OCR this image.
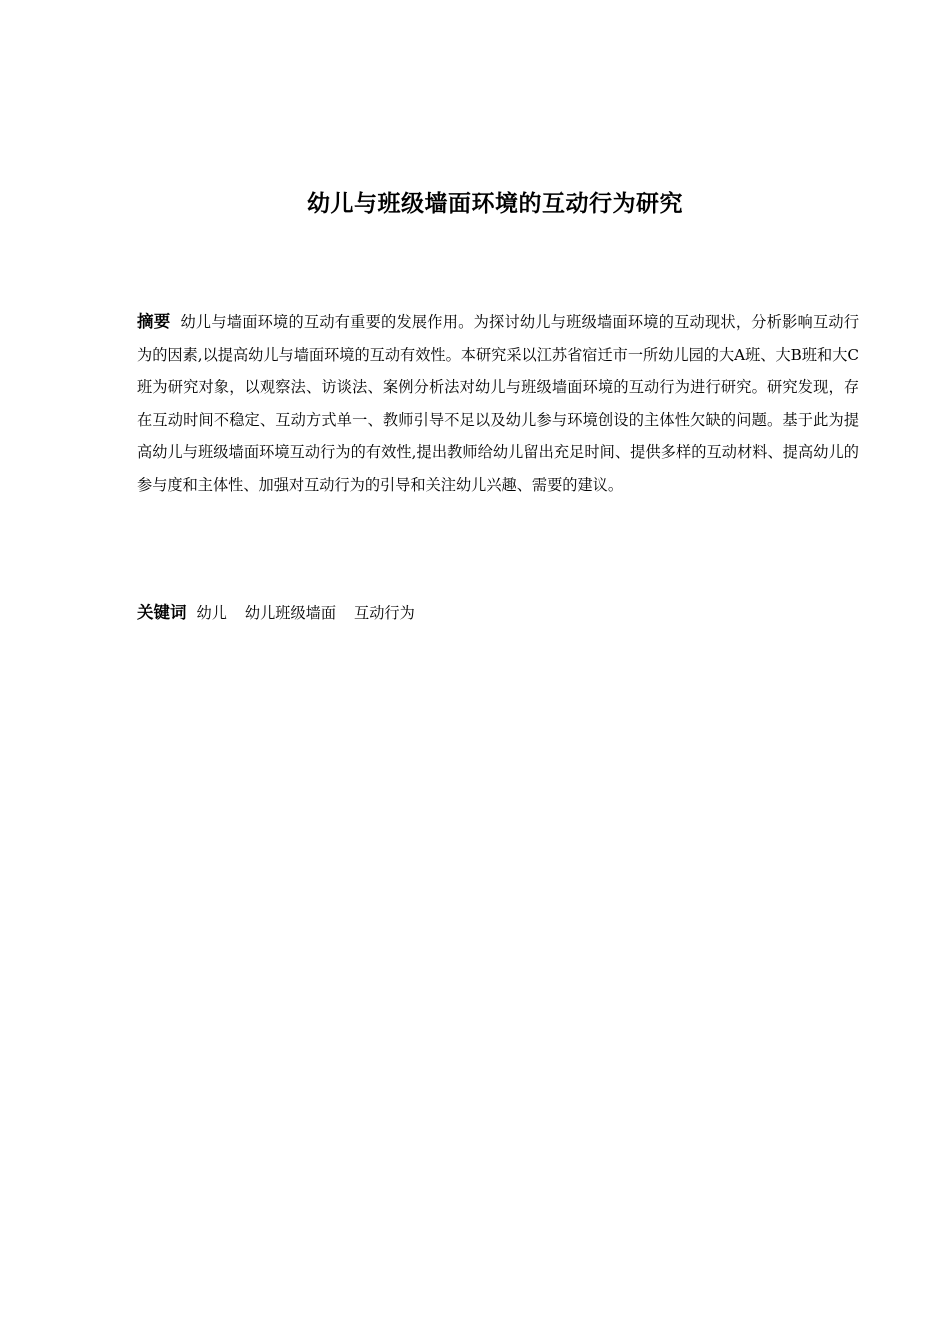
幼儿与班级墙面环境的互动行为研究

摘要 幼儿与墙面环境的互动有重要的发展作用。为探讨幼儿与班级墙面环境的互动现状，分析影响互动行为的因素,以提高幼儿与墙面环境的互动有效性。本研究采以江苏省宿迁市一所幼儿园的大A班、大B班和大C班为研究对象，以观察法、访谈法、案例分析法对幼儿与班级墙面环境的互动行为进行研究。研究发现，存在互动时间不稳定、互动方式单一、教师引导不足以及幼儿参与环境创设的主体性欠缺的问题。基于此为提高幼儿与班级墙面环境互动行为的有效性,提出教师给幼儿留出充足时间、提供多样的互动材料、提高幼儿的参与度和主体性、加强对互动行为的引导和关注幼儿兴趣、需要的建议。

关键词 幼儿 幼儿班级墙面 互动行为
